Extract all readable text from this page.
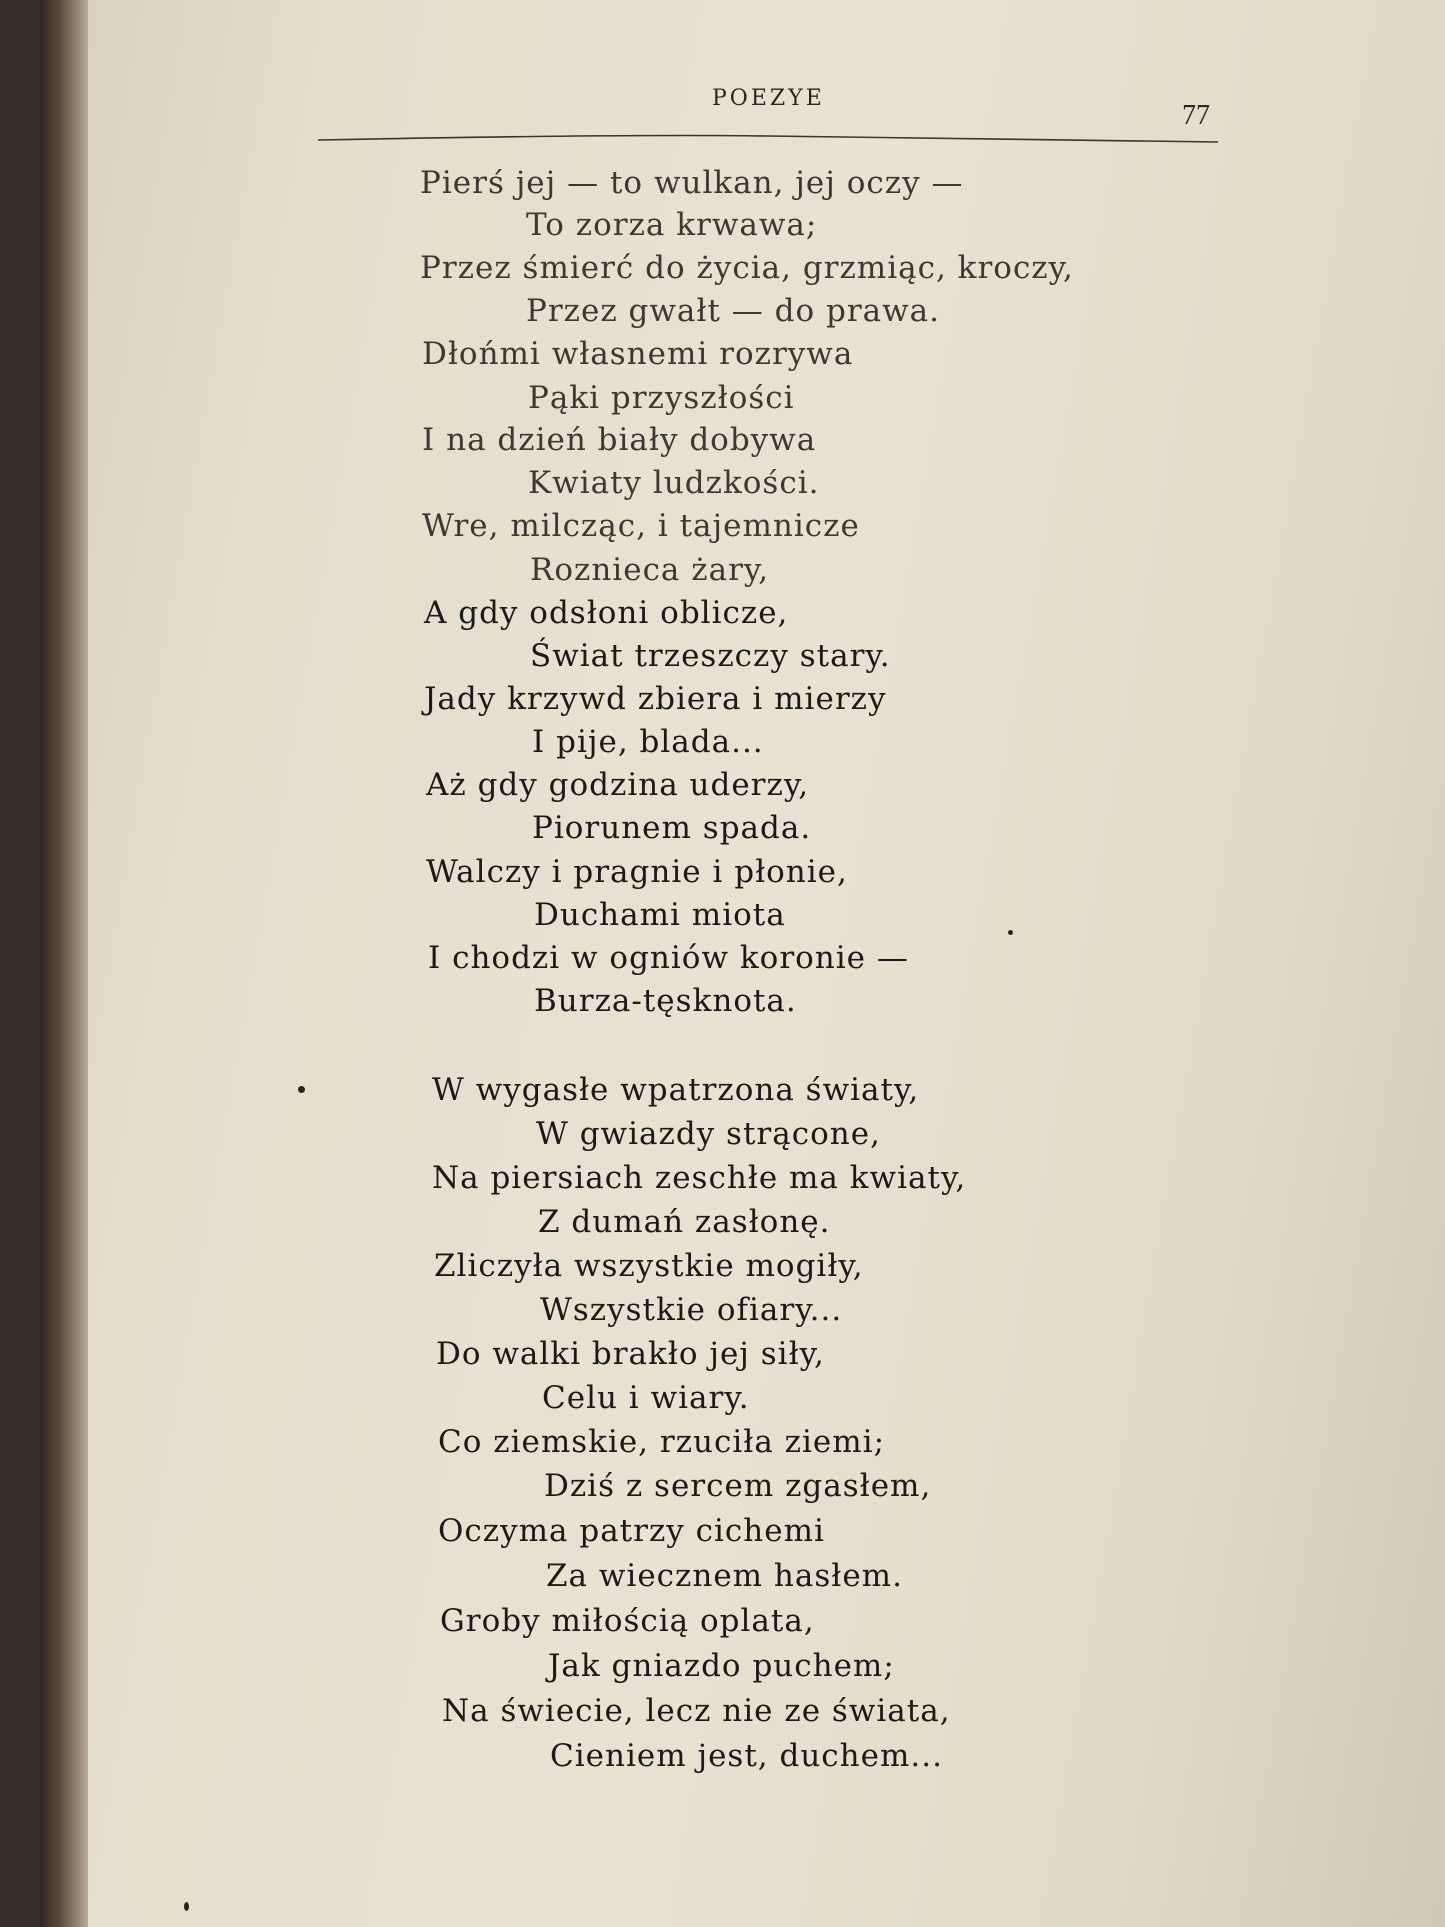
POEZYE
77
Pierś jej — to wulkan, jej oczy —
To zorza krwawa;
Przez śmierć do życia, grzmiąc, kroczy,
Przez gwałt — do prawa.
Dłońmi własnemi rozrywa
Pąki przyszłości
I na dzień biały dobywa
Kwiaty ludzkości.
Wre, milcząc, i tajemnicze
Roznieca żary,
A gdy odsłoni oblicze,
Świat trzeszczy stary.
Jady krzywd zbiera i mierzy
I pije, blada...
Aż gdy godzina uderzy,
Piorunem spada.
Walczy i pragnie i płonie,
Duchami miota
I chodzi w ogniów koronie —
Burza-tęsknota.
W wygasłe wpatrzona światy,
W gwiazdy strącone,
Na piersiach zeschłe ma kwiaty,
Z dumań zasłonę.
Zliczyła wszystkie mogiły,
Wszystkie ofiary...
Do walki brakło jej siły,
Celu i wiary.
Co ziemskie, rzuciła ziemi;
Dziś z sercem zgasłem,
Oczyma patrzy cichemi
Za wiecznem hasłem.
Groby miłością oplata,
Jak gniazdo puchem;
Na świecie, lecz nie ze świata,
Cieniem jest, duchem...
